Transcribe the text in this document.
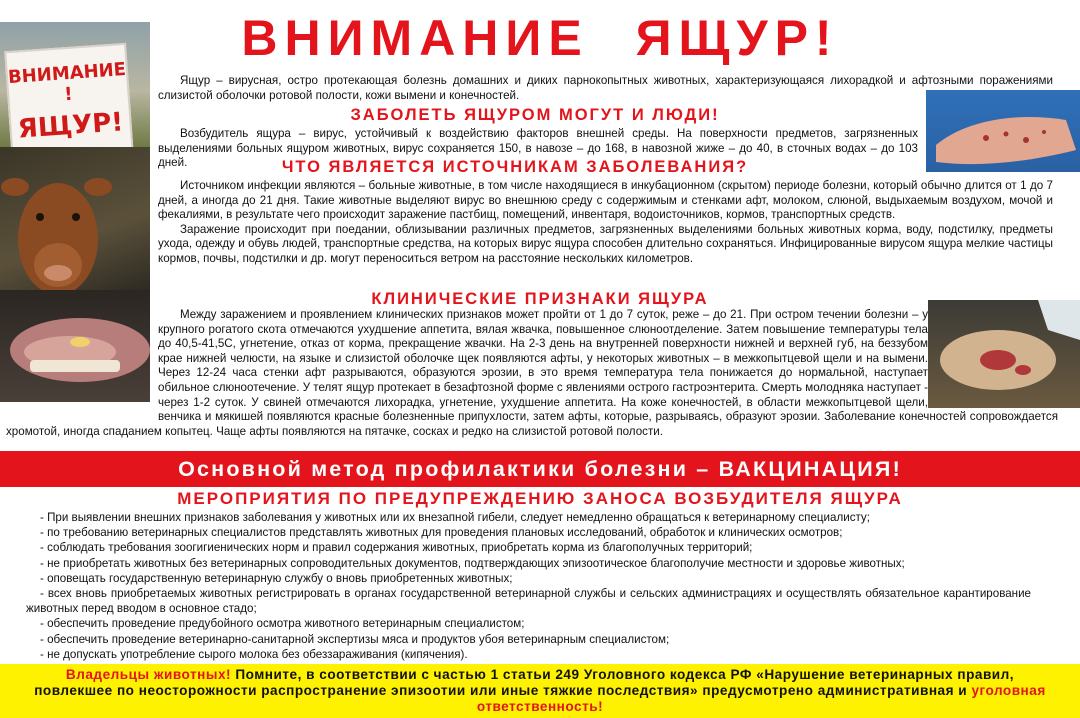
ВНИМАНИЕ ЯЩУР!
ВНИМАНИЕ !
ЯЩУР!
Ящур – вирусная, остро протекающая болезнь домашних и диких парнокопытных животных, характеризующаяся лихорадкой и афтозными поражениями слизистой оболочки ротовой полости, кожи вымени и конечностей.
ЗАБОЛЕТЬ ЯЩУРОМ МОГУТ И ЛЮДИ!
Возбудитель ящура – вирус, устойчивый к воздействию факторов внешней среды. На поверхности предметов, загрязненных выделениями больных ящуром животных, вирус сохраняется 150, в навозе – до 168, в навозной жиже – до 40, в сточных водах – до 103 дней.	ЧТО ЯВЛЯЕТСЯ ИСТОЧНИКАМ ЗАБОЛЕВАНИЯ?
Источником инфекции являются – больные животные, в том числе находящиеся в инкубационном (скрытом) периоде болезни, который обычно длится от 1 до 7 дней, а иногда до 21 дня. Такие животные выделяют вирус во внешнюю среду с содержимым и стенками афт, молоком, слюной, выдыхаемым воздухом, мочой и фекалиями, в результате чего происходит заражение пастбищ, помещений, инвентаря, водоисточников, кормов, транспортных средств.
Заражение происходит при поедании, облизывании различных предметов, загрязненных выделениями больных животных корма, воду, подстилку, предметы ухода, одежду и обувь людей, транспортные средства, на которых вирус ящура способен длительно сохраняться. Инфицированные вирусом ящура мелкие частицы кормов, почвы, подстилки и др. могут переноситься ветром на расстояние нескольких километров.
КЛИНИЧЕСКИЕ ПРИЗНАКИ ЯЩУРА
Между заражением и проявлением клинических признаков может пройти от 1 до 7 суток, реже – до 21. При остром течении болезни – у крупного рогатого скота отмечаются ухудшение аппетита, вялая жвачка, повышенное слюноотделение. Затем повышение температуры тела до 40,5-41,5С, угнетение, отказ от корма, прекращение жвачки. На 2-3 день на внутренней поверхности нижней и верхней губ, на беззубом крае нижней челюсти, на языке и слизистой оболочке щек появляются афты, у некоторых животных – в межкопытцевой щели и на вымени. Через 12-24 часа стенки афт разрываются, образуются эрозии, в это время температура тела понижается до нормальной, наступает обильное слюноотечение. У телят ящур протекает в безафтозной форме с явлениями острого гастроэнтерита. Смерть молодняка наступает - через 1-2 суток. У свиней отмечаются лихорадка, угнетение, ухудшение аппетита. На коже конечностей, в области межкопытцевой щели, венчика и мякишей появляются красные болезненные припухлости, затем афты, которые, разрываясь, образуют эрозии. Заболевание конечностей сопровождается хромотой, иногда спаданием копытец. Чаще афты появляются на пятачке, сосках и редко на слизистой ротовой полости.
Основной метод профилактики болезни – ВАКЦИНАЦИЯ!
МЕРОПРИЯТИЯ ПО ПРЕДУПРЕЖДЕНИЮ ЗАНОСА ВОЗБУДИТЕЛЯ ЯЩУРА
- При выявлении внешних признаков заболевания у животных или их внезапной гибели, следует немедленно обращаться к ветеринарному специалисту;
- по требованию ветеринарных специалистов представлять животных для проведения плановых исследований, обработок и клинических осмотров;
- соблюдать требования зоогигиенических норм и правил содержания животных, приобретать корма из благополучных территорий;
- не приобретать животных без ветеринарных сопроводительных документов, подтверждающих эпизоотическое благополучие местности и здоровье животных;
- оповещать государственную ветеринарную службу о вновь приобретенных животных;
- всех вновь приобретаемых животных регистрировать в органах государственной ветеринарной службы и сельских администрациях и осуществлять обязательное карантирование животных перед вводом в основное стадо;
- обеспечить проведение предубойного осмотра животного ветеринарным специалистом;
- обеспечить проведение ветеринарно-санитарной экспертизы мяса и продуктов убоя ветеринарным специалистом;
- не допускать употребление сырого молока без обеззараживания (кипячения).
Владельцы животных! Помните, в соответствии с частью 1 статьи 249 Уголовного кодекса РФ «Нарушение ветеринарных правил, повлекшее по неосторожности распространение эпизоотии или иные тяжкие последствия» предусмотрено административная и уголовная ответственность!
